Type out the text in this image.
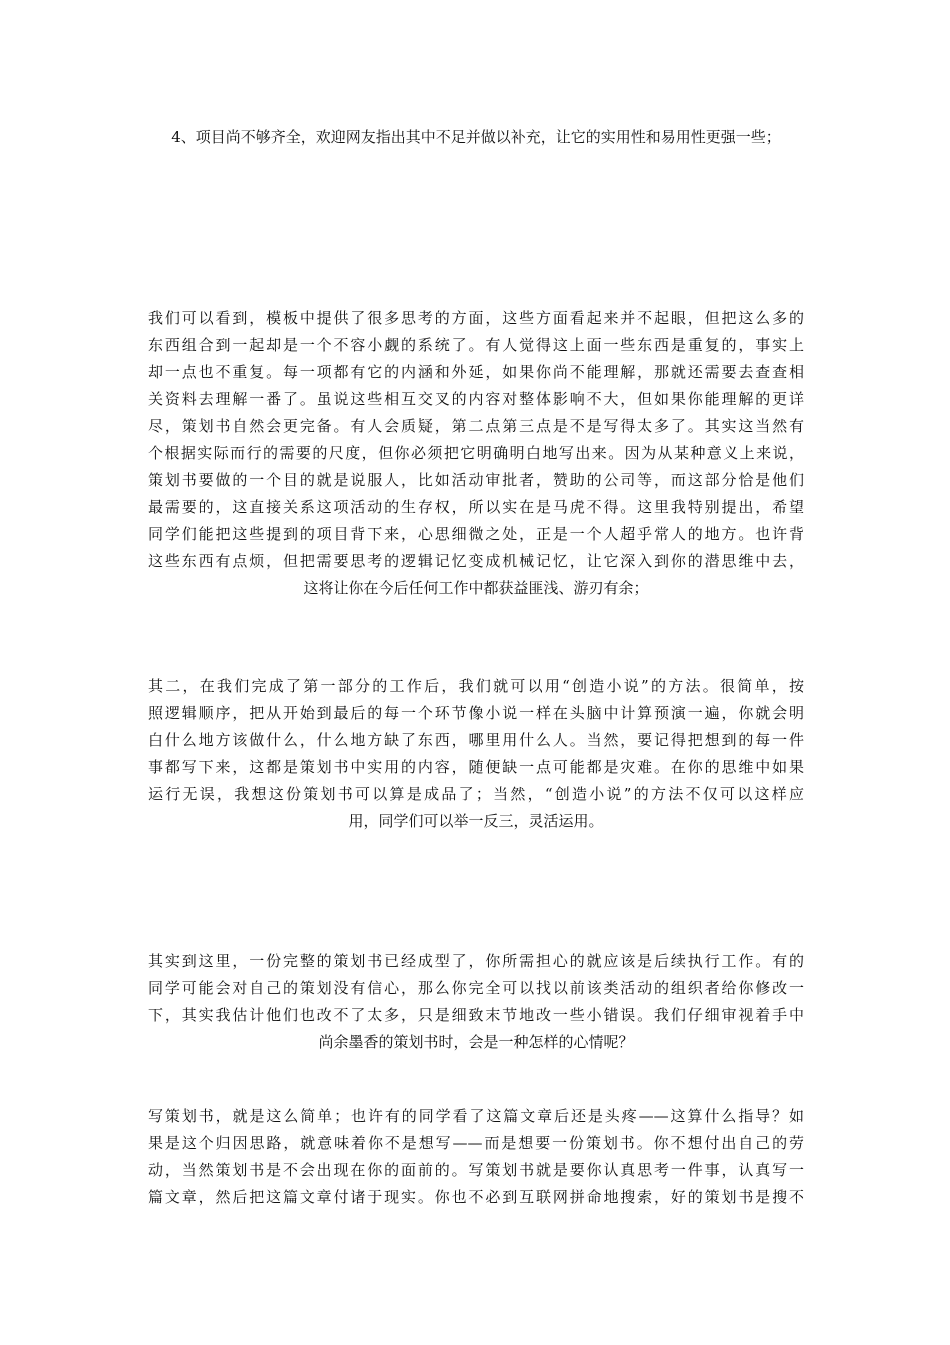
4、项目尚不够齐全，欢迎网友指出其中不足并做以补充，让它的实用性和易用性更强一些；
我们可以看到，模板中提供了很多思考的方面，这些方面看起来并不起眼，但把这么多的
东西组合到一起却是一个不容小觑的系统了。有人觉得这上面一些东西是重复的，事实上
却一点也不重复。每一项都有它的内涵和外延，如果你尚不能理解，那就还需要去查查相
关资料去理解一番了。虽说这些相互交叉的内容对整体影响不大，但如果你能理解的更详
尽，策划书自然会更完备。有人会质疑，第二点第三点是不是写得太多了。其实这当然有
个根据实际而行的需要的尺度，但你必须把它明确明白地写出来。因为从某种意义上来说，
策划书要做的一个目的就是说服人，比如活动审批者，赞助的公司等，而这部分恰是他们
最需要的，这直接关系这项活动的生存权，所以实在是马虎不得。这里我特别提出，希望
同学们能把这些提到的项目背下来，心思细微之处，正是一个人超乎常人的地方。也许背
这些东西有点烦，但把需要思考的逻辑记忆变成机械记忆，让它深入到你的潜思维中去，
这将让你在今后任何工作中都获益匪浅、游刃有余；
其二，在我们完成了第一部分的工作后，我们就可以用“创造小说”的方法。很简单，按
照逻辑顺序，把从开始到最后的每一个环节像小说一样在头脑中计算预演一遍，你就会明
白什么地方该做什么，什么地方缺了东西，哪里用什么人。当然，要记得把想到的每一件
事都写下来，这都是策划书中实用的内容，随便缺一点可能都是灾难。在你的思维中如果
运行无误，我想这份策划书可以算是成品了；当然，“创造小说”的方法不仅可以这样应
用，同学们可以举一反三，灵活运用。
其实到这里，一份完整的策划书已经成型了，你所需担心的就应该是后续执行工作。有的
同学可能会对自己的策划没有信心，那么你完全可以找以前该类活动的组织者给你修改一
下，其实我估计他们也改不了太多，只是细致末节地改一些小错误。我们仔细审视着手中
尚余墨香的策划书时，会是一种怎样的心情呢？
写策划书，就是这么简单；也许有的同学看了这篇文章后还是头疼——这算什么指导？如
果是这个归因思路，就意味着你不是想写——而是想要一份策划书。你不想付出自己的劳
动，当然策划书是不会出现在你的面前的。写策划书就是要你认真思考一件事，认真写一
篇文章，然后把这篇文章付诸于现实。你也不必到互联网拼命地搜索，好的策划书是搜不
